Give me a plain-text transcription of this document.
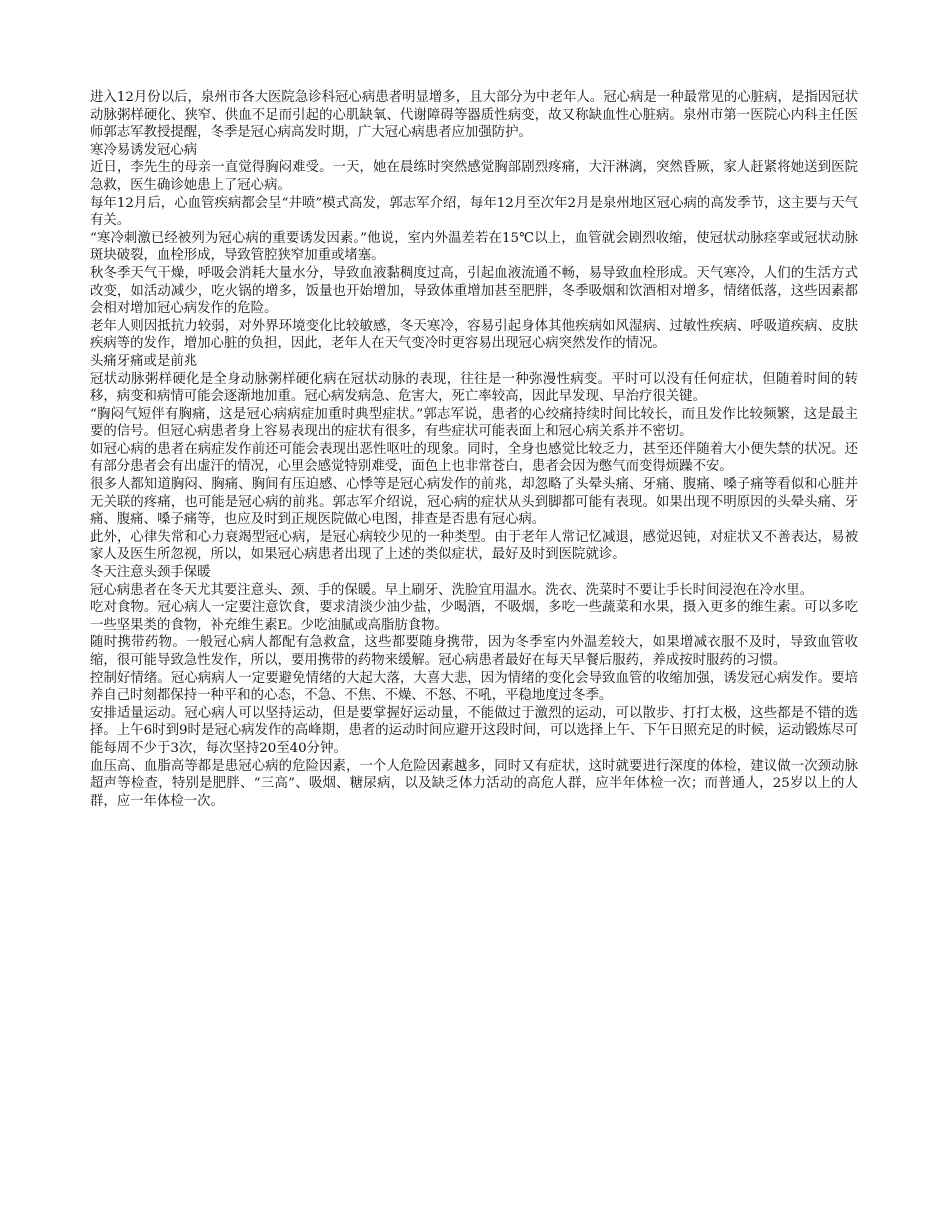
进入12月份以后，泉州市各大医院急诊科冠心病患者明显增多，且大部分为中老年人。冠心病是一种最常见的心脏病，是指因冠状动脉粥样硬化、狭窄、供血不足而引起的心肌缺氧、代谢障碍等器质性病变，故又称缺血性心脏病。泉州市第一医院心内科主任医师郭志军教授提醒，冬季是冠心病高发时期，广大冠心病患者应加强防护。

寒冷易诱发冠心病

近日，李先生的母亲一直觉得胸闷难受。一天，她在晨练时突然感觉胸部剧烈疼痛，大汗淋漓，突然昏厥，家人赶紧将她送到医院急救，医生确诊她患上了冠心病。

每年12月后，心血管疾病都会呈“井喷”模式高发，郭志军介绍，每年12月至次年2月是泉州地区冠心病的高发季节，这主要与天气有关。

“寒冷刺激已经被列为冠心病的重要诱发因素。”他说，室内外温差若在15℃以上，血管就会剧烈收缩，使冠状动脉痉挛或冠状动脉斑块破裂，血栓形成，导致管腔狭窄加重或堵塞。

秋冬季天气干燥，呼吸会消耗大量水分，导致血液黏稠度过高，引起血液流通不畅，易导致血栓形成。天气寒冷，人们的生活方式改变，如活动减少，吃火锅的增多，饭量也开始增加，导致体重增加甚至肥胖，冬季吸烟和饮酒相对增多，情绪低落，这些因素都会相对增加冠心病发作的危险。

老年人则因抵抗力较弱，对外界环境变化比较敏感，冬天寒冷，容易引起身体其他疾病如风湿病、过敏性疾病、呼吸道疾病、皮肤疾病等的发作，增加心脏的负担，因此，老年人在天气变冷时更容易出现冠心病突然发作的情况。

头痛牙痛或是前兆

冠状动脉粥样硬化是全身动脉粥样硬化病在冠状动脉的表现，往往是一种弥漫性病变。平时可以没有任何症状，但随着时间的转移，病变和病情可能会逐渐地加重。冠心病发病急、危害大，死亡率较高，因此早发现、早治疗很关键。

“胸闷气短伴有胸痛，这是冠心病病症加重时典型症状。”郭志军说，患者的心绞痛持续时间比较长，而且发作比较频繁，这是最主要的信号。但冠心病患者身上容易表现出的症状有很多，有些症状可能表面上和冠心病关系并不密切。

如冠心病的患者在病症发作前还可能会表现出恶性呕吐的现象。同时，全身也感觉比较乏力，甚至还伴随着大小便失禁的状况。还有部分患者会有出虚汗的情况，心里会感觉特别难受，面色上也非常苍白，患者会因为憋气而变得烦躁不安。

很多人都知道胸闷、胸痛、胸间有压迫感、心悸等是冠心病发作的前兆，却忽略了头晕头痛、牙痛、腹痛、嗓子痛等看似和心脏并无关联的疼痛，也可能是冠心病的前兆。郭志军介绍说，冠心病的症状从头到脚都可能有表现。如果出现不明原因的头晕头痛、牙痛、腹痛、嗓子痛等，也应及时到正规医院做心电图，排查是否患有冠心病。

此外，心律失常和心力衰竭型冠心病，是冠心病较少见的一种类型。由于老年人常记忆减退，感觉迟钝，对症状又不善表达，易被家人及医生所忽视，所以，如果冠心病患者出现了上述的类似症状，最好及时到医院就诊。

冬天注意头颈手保暖

冠心病患者在冬天尤其要注意头、颈、手的保暖。早上刷牙、洗脸宜用温水。洗衣、洗菜时不要让手长时间浸泡在冷水里。

吃对食物。冠心病人一定要注意饮食，要求清淡少油少盐，少喝酒，不吸烟，多吃一些蔬菜和水果，摄入更多的维生素。可以多吃一些坚果类的食物，补充维生素E。少吃油腻或高脂肪食物。

随时携带药物。一般冠心病人都配有急救盒，这些都要随身携带，因为冬季室内外温差较大，如果增减衣服不及时，导致血管收缩，很可能导致急性发作，所以，要用携带的药物来缓解。冠心病患者最好在每天早餐后服药，养成按时服药的习惯。

控制好情绪。冠心病病人一定要避免情绪的大起大落，大喜大悲，因为情绪的变化会导致血管的收缩加强，诱发冠心病发作。要培养自己时刻都保持一种平和的心态，不急、不焦、不燥、不怒、不吼，平稳地度过冬季。

安排适量运动。冠心病人可以坚持运动，但是要掌握好运动量，不能做过于激烈的运动，可以散步、打打太极，这些都是不错的选择。上午6时到9时是冠心病发作的高峰期，患者的运动时间应避开这段时间，可以选择上午、下午日照充足的时候，运动锻炼尽可能每周不少于3次，每次坚持20至40分钟。

血压高、血脂高等都是患冠心病的危险因素，一个人危险因素越多，同时又有症状，这时就要进行深度的体检，建议做一次颈动脉超声等检查，特别是肥胖、“三高”、吸烟、糖尿病，以及缺乏体力活动的高危人群，应半年体检一次；而普通人，25岁以上的人群，应一年体检一次。
